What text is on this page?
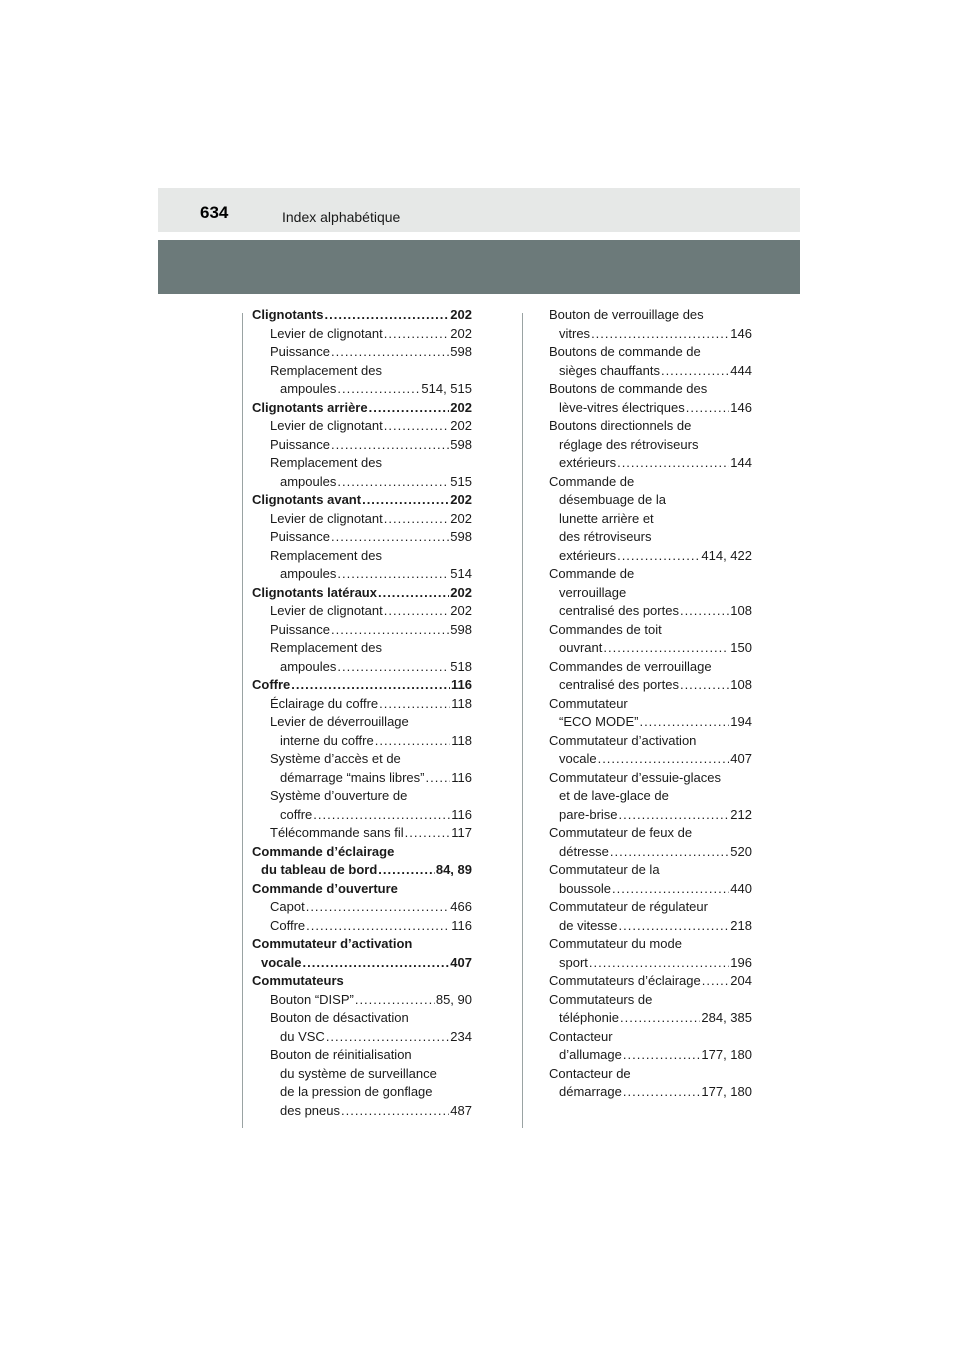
634	Index alphabétique
Clignotants .....	202
Levier de clignotant .....	202
Puissance .....	598
Remplacement des
ampoules .....	514, 515
Clignotants arrière .....	202
Levier de clignotant .....	202
Puissance .....	598
Remplacement des
ampoules .....	515
Clignotants avant .....	202
Levier de clignotant .....	202
Puissance .....	598
Remplacement des
ampoules .....	514
Clignotants latéraux .....	202
Levier de clignotant .....	202
Puissance .....	598
Remplacement des
ampoules .....	518
Coffre .....	116
Éclairage du coffre .....	118
Levier de déverrouillage
interne du coffre .....	118
Système d’accès et de
démarrage “mains libres” ..... 116
Système d’ouverture de
coffre .....	116
Télécommande sans fil .....	117
Commande d’éclairage
du tableau de bord .....	84, 89
Commande d’ouverture
Capot .....	466
Coffre .....	116
Commutateur d’activation
vocale .....	407
Commutateurs
Bouton “DISP” .....	85, 90
Bouton de désactivation
du VSC .....	234
Bouton de réinitialisation
du système de surveillance
de la pression de gonflage
des pneus .....	487
Bouton de verrouillage des
vitres .....	146
Boutons de commande de
sièges chauffants .....	444
Boutons de commande des
lève-vitres électriques .....	146
Boutons directionnels de
réglage des rétroviseurs
extérieurs .....	144
Commande de
désembuage de la
lunette arrière et
des rétroviseurs
extérieurs .....	414, 422
Commande de
verrouillage
centralisé des portes .....	108
Commandes de toit
ouvrant .....	150
Commandes de verrouillage
centralisé des portes .....	108
Commutateur
“ECO MODE” .....	194
Commutateur d’activation
vocale .....	407
Commutateur d’essuie-glaces
et de lave-glace de
pare-brise .....	212
Commutateur de feux de
détresse .....	520
Commutateur de la
boussole .....	440
Commutateur de régulateur
de vitesse .....	218
Commutateur du mode
sport .....	196
Commutateurs d’éclairage ..... 204
Commutateurs de
téléphonie .....	284, 385
Contacteur
d’allumage .....	177, 180
Contacteur de
démarrage .....	177, 180
